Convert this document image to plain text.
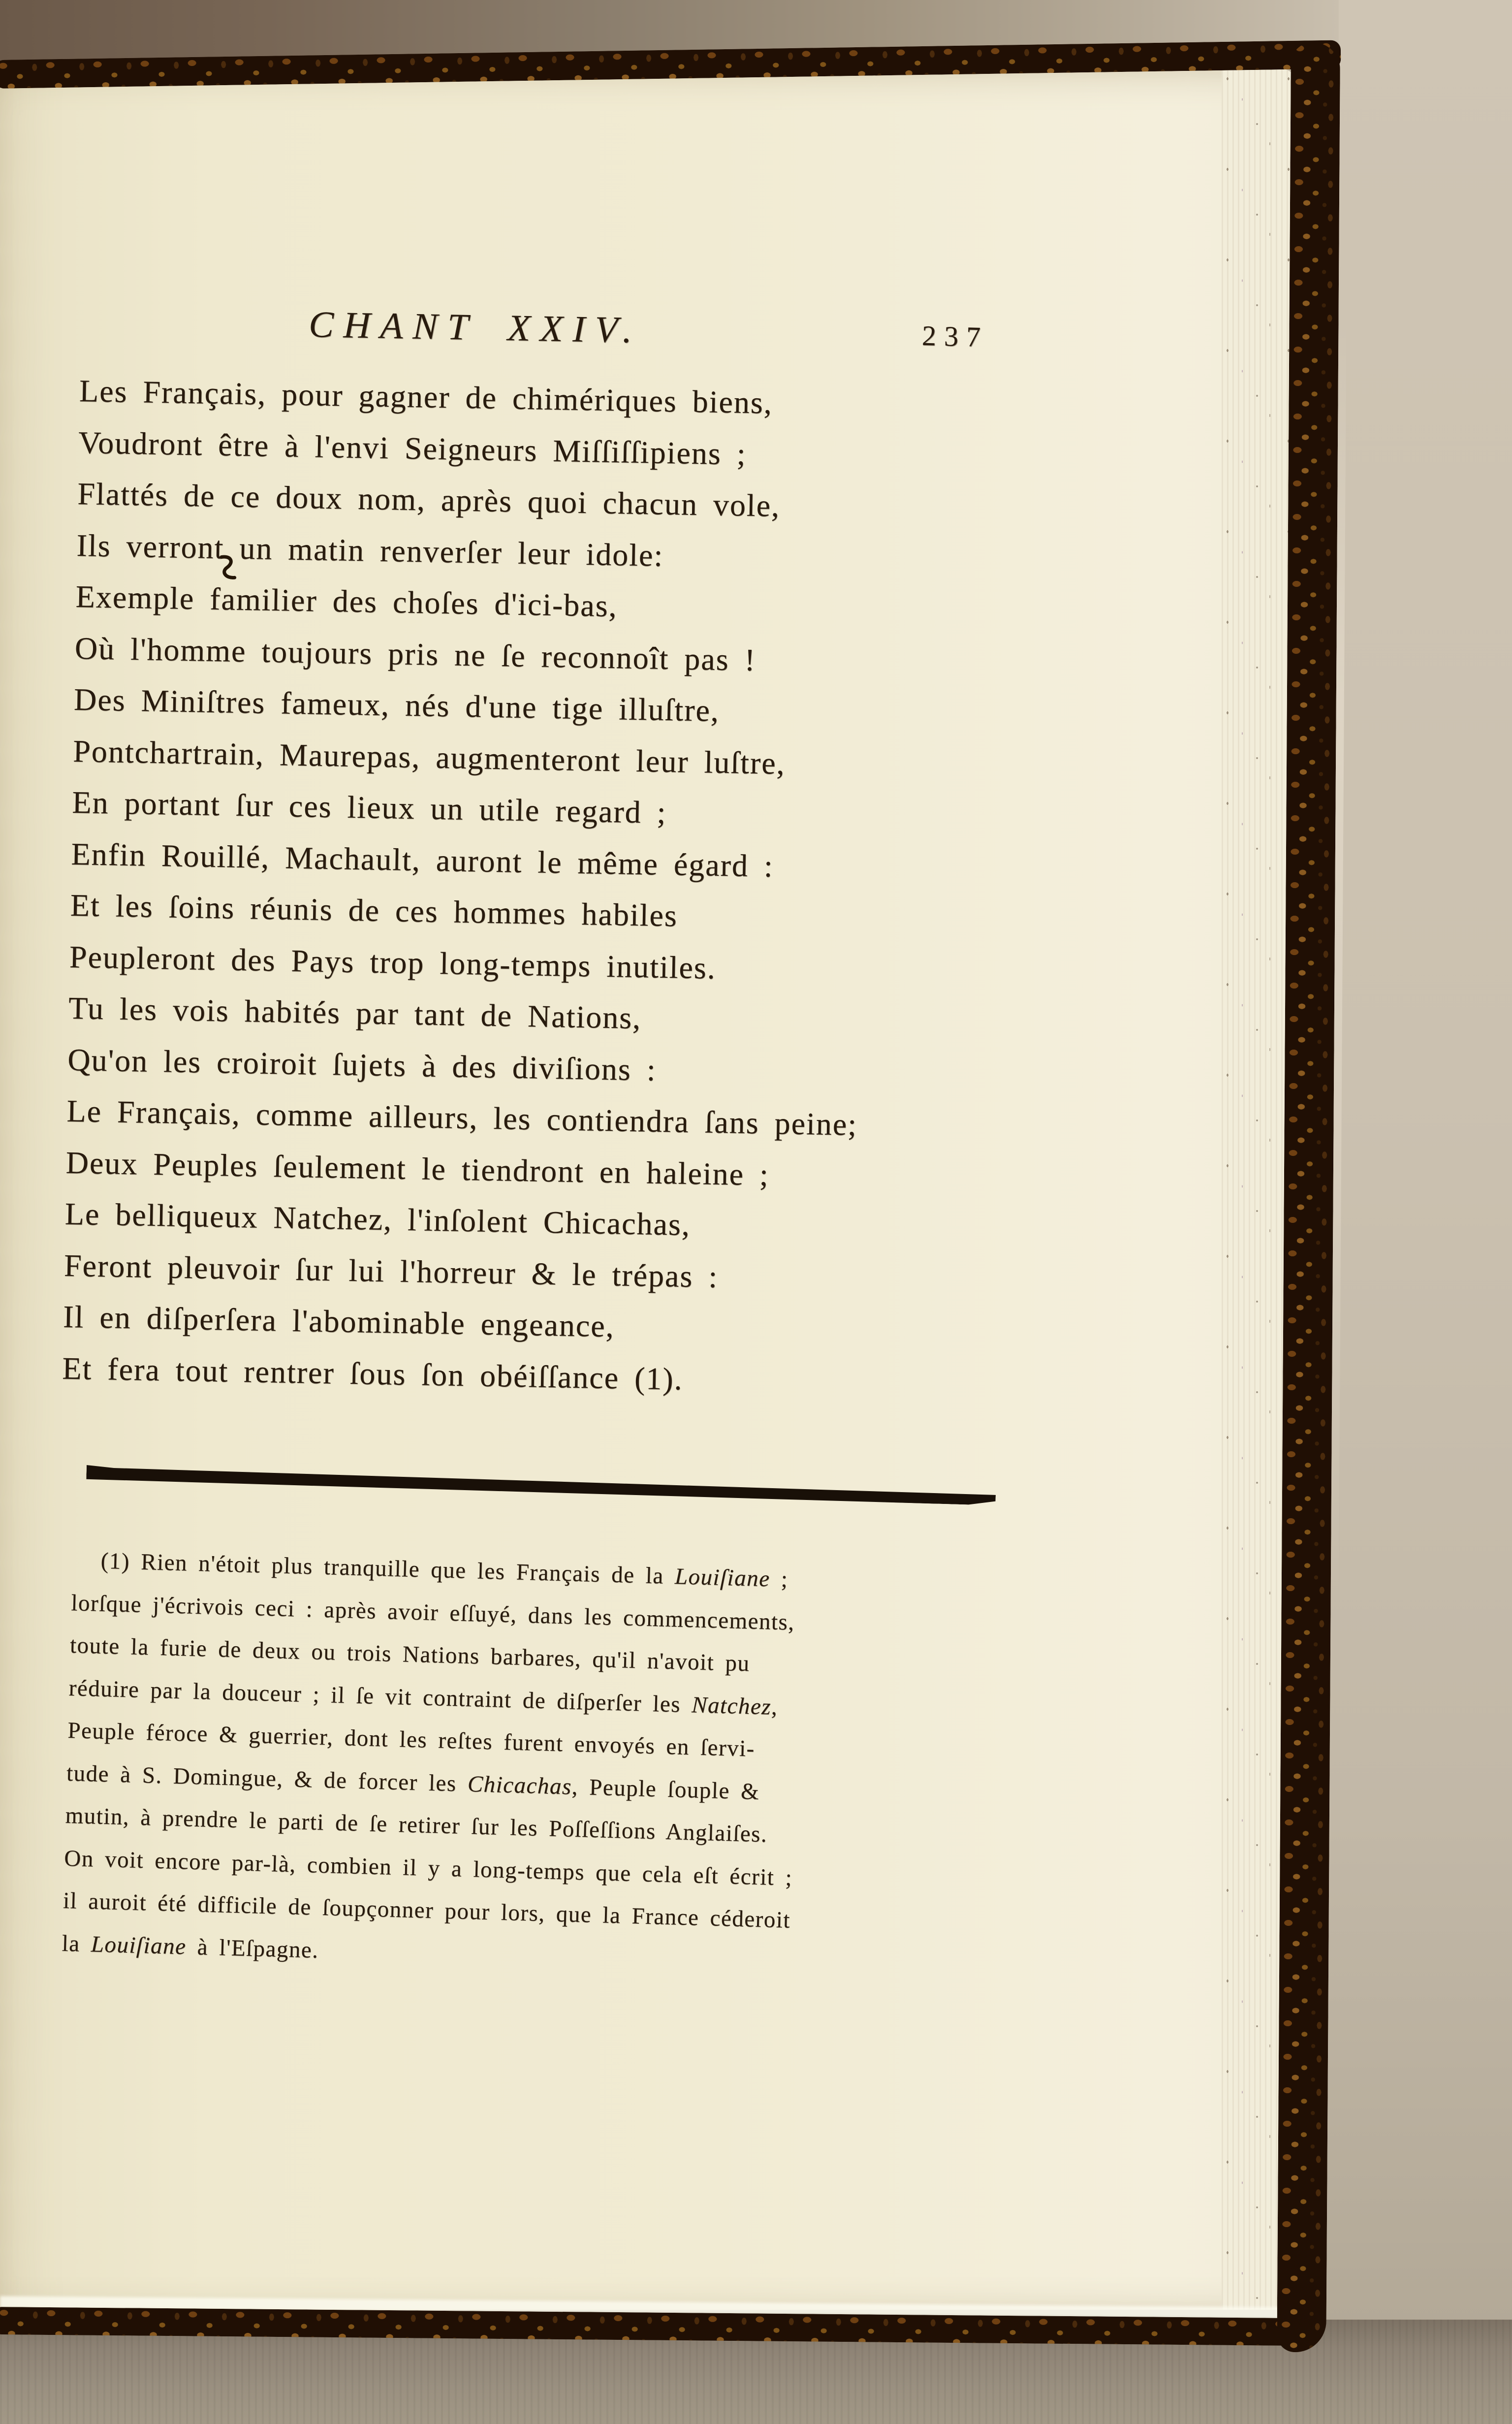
CHANT XXIV.	237
Les Français, pour gagner de chimériques biens,
Voudront être à l'envi Seigneurs Miſſiſſipiens ;
Flattés de ce doux nom, après quoi chacun vole,
Ils verront un matin renverſer leur idole:
Exemple familier des choſes d'ici-bas,
Où l'homme toujours pris ne ſe reconnoît pas !
Des Miniſtres fameux, nés d'une tige illuſtre,
Pontchartrain, Maurepas, augmenteront leur luſtre,
En portant ſur ces lieux un utile regard ;
Enfin Rouillé, Machault, auront le même égard :
Et les ſoins réunis de ces hommes habiles
Peupleront des Pays trop long-temps inutiles.
Tu les vois habités par tant de Nations,
Qu'on les croiroit ſujets à des diviſions :
Le Français, comme ailleurs, les contiendra ſans peine;
Deux Peuples ſeulement le tiendront en haleine ;
Le belliqueux Natchez, l'inſolent Chicachas,
Feront pleuvoir ſur lui l'horreur & le trépas :
Il en diſperſera l'abominable engeance,
Et fera tout rentrer ſous ſon obéiſſance (1).
(1) Rien n'étoit plus tranquille que les Français de la Louiſiane ;
lorſque j'écrivois ceci : après avoir eſſuyé, dans les commencements,
toute la furie de deux ou trois Nations barbares, qu'il n'avoit pu
réduire par la douceur ; il ſe vit contraint de diſperſer les Natchez,
Peuple féroce & guerrier, dont les reſtes furent envoyés en ſervi-
tude à S. Domingue, & de forcer les Chicachas, Peuple ſouple &
mutin, à prendre le parti de ſe retirer ſur les Poſſeſſions Anglaiſes.
On voit encore par-là, combien il y a long-temps que cela eſt écrit ;
il auroit été difficile de ſoupçonner pour lors, que la France céderoit
la Louiſiane à l'Eſpagne.
